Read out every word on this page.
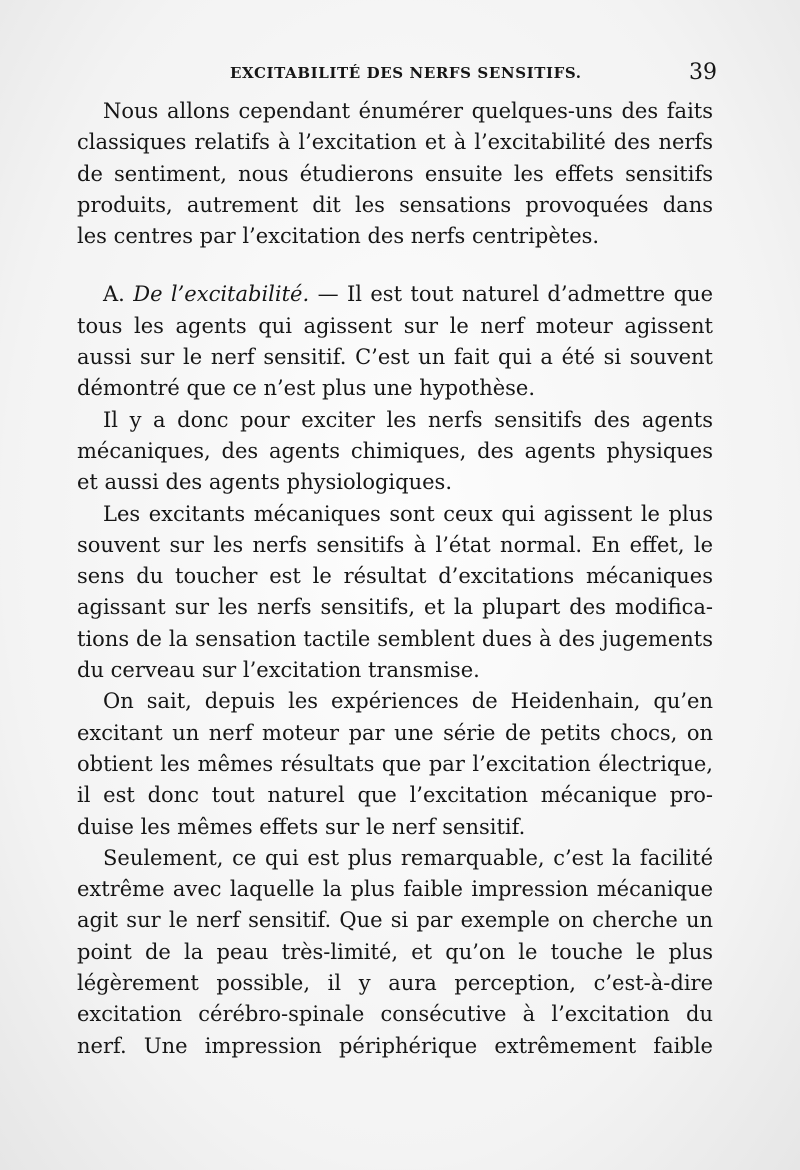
EXCITABILITÉ DES NERFS SENSITIFS.	39
Nous allons cependant énumérer quelques-uns des faits
classiques relatifs à l’excitation et à l’excitabilité des nerfs
de sentiment, nous étudierons ensuite les effets sensitifs
produits, autrement dit les sensations provoquées dans
les centres par l’excitation des nerfs centripètes.
A. De l’excitabilité. — Il est tout naturel d’admettre que
tous les agents qui agissent sur le nerf moteur agissent
aussi sur le nerf sensitif. C’est un fait qui a été si souvent
démontré que ce n’est plus une hypothèse.
Il y a donc pour exciter les nerfs sensitifs des agents
mécaniques, des agents chimiques, des agents physiques
et aussi des agents physiologiques.
Les excitants mécaniques sont ceux qui agissent le plus
souvent sur les nerfs sensitifs à l’état normal. En effet, le
sens du toucher est le résultat d’excitations mécaniques
agissant sur les nerfs sensitifs, et la plupart des modifica-
tions de la sensation tactile semblent dues à des jugements
du cerveau sur l’excitation transmise.
On sait, depuis les expériences de Heidenhain, qu’en
excitant un nerf moteur par une série de petits chocs, on
obtient les mêmes résultats que par l’excitation électrique,
il est donc tout naturel que l’excitation mécanique pro-
duise les mêmes effets sur le nerf sensitif.
Seulement, ce qui est plus remarquable, c’est la facilité
extrême avec laquelle la plus faible impression mécanique
agit sur le nerf sensitif. Que si par exemple on cherche un
point de la peau très-limité, et qu’on le touche le plus
légèrement possible, il y aura perception, c’est-à-dire
excitation cérébro-spinale consécutive à l’excitation du
nerf. Une impression périphérique extrêmement faible
